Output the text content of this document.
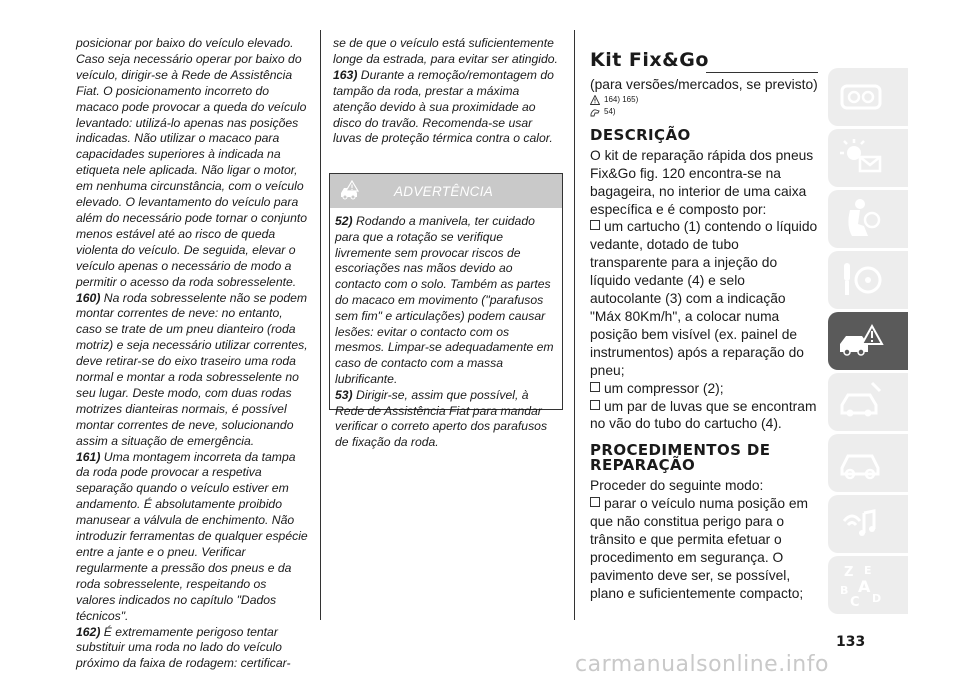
posicionar por baixo do veículo elevado. Caso seja necessário operar por baixo do veículo, dirigir-se à Rede de Assistência Fiat. O posicionamento incorreto do macaco pode provocar a queda do veículo levantado: utilizá-lo apenas nas posições indicadas. Não utilizar o macaco para capacidades superiores à indicada na etiqueta nele aplicada. Não ligar o motor, em nenhuma circunstância, com o veículo elevado. O levantamento do veículo para além do necessário pode tornar o conjunto menos estável até ao risco de queda violenta do veículo. De seguida, elevar o veículo apenas o necessário de modo a permitir o acesso da roda sobresselente.

160) Na roda sobresselente não se podem montar correntes de neve: no entanto, caso se trate de um pneu dianteiro (roda motriz) e seja necessário utilizar correntes, deve retirar-se do eixo traseiro uma roda normal e montar a roda sobresselente no seu lugar. Deste modo, com duas rodas motrizes dianteiras normais, é possível montar correntes de neve, solucionando assim a situação de emergência.

161) Uma montagem incorreta da tampa da roda pode provocar a respetiva separação quando o veículo estiver em andamento. É absolutamente proibido manusear a válvula de enchimento. Não introduzir ferramentas de qualquer espécie entre a jante e o pneu. Verificar regularmente a pressão dos pneus e da roda sobresselente, respeitando os valores indicados no capítulo "Dados técnicos".

162) É extremamente perigoso tentar substituir uma roda no lado do veículo próximo da faixa de rodagem: certificar-

se de que o veículo está suficientemente longe da estrada, para evitar ser atingido.

163) Durante a remoção/remontagem do tampão da roda, prestar a máxima atenção devido à sua proximidade ao disco do travão. Recomenda-se usar luvas de proteção térmica contra o calor.

ADVERTÊNCIA

52) Rodando a manivela, ter cuidado para que a rotação se verifique livremente sem provocar riscos de escoriações nas mãos devido ao contacto com o solo. Também as partes do macaco em movimento ("parafusos sem fim" e articulações) podem causar lesões: evitar o contacto com os mesmos. Limpar-se adequadamente em caso de contacto com a massa lubrificante.

53) Dirigir-se, assim que possível, à Rede de Assistência Fiat para mandar verificar o correto aperto dos parafusos de fixação da roda.

Kit Fix&Go

(para versões/mercados, se previsto)

164) 165)
54)
DESCRIÇÃO

O kit de reparação rápida dos pneus Fix&Go fig. 120 encontra-se na bagageira, no interior de uma caixa específica e é composto por:

um cartucho (1) contendo o líquido vedante, dotado de tubo transparente para a injeção do líquido vedante (4) e selo autocolante (3) com a indicação "Máx 80Km/h", a colocar numa posição bem visível (ex. painel de instrumentos) após a reparação do pneu;

um compressor (2);

um par de luvas que se encontram no vão do tubo do cartucho (4).

PROCEDIMENTOS DE REPARAÇÃO

Proceder do seguinte modo:

parar o veículo numa posição em que não constitua perigo para o trânsito e que permita efetuar o procedimento em segurança. O pavimento deve ser, se possível, plano e suficientemente compacto;

Z E
A
B
D
C
133
carmanualsonline.info
